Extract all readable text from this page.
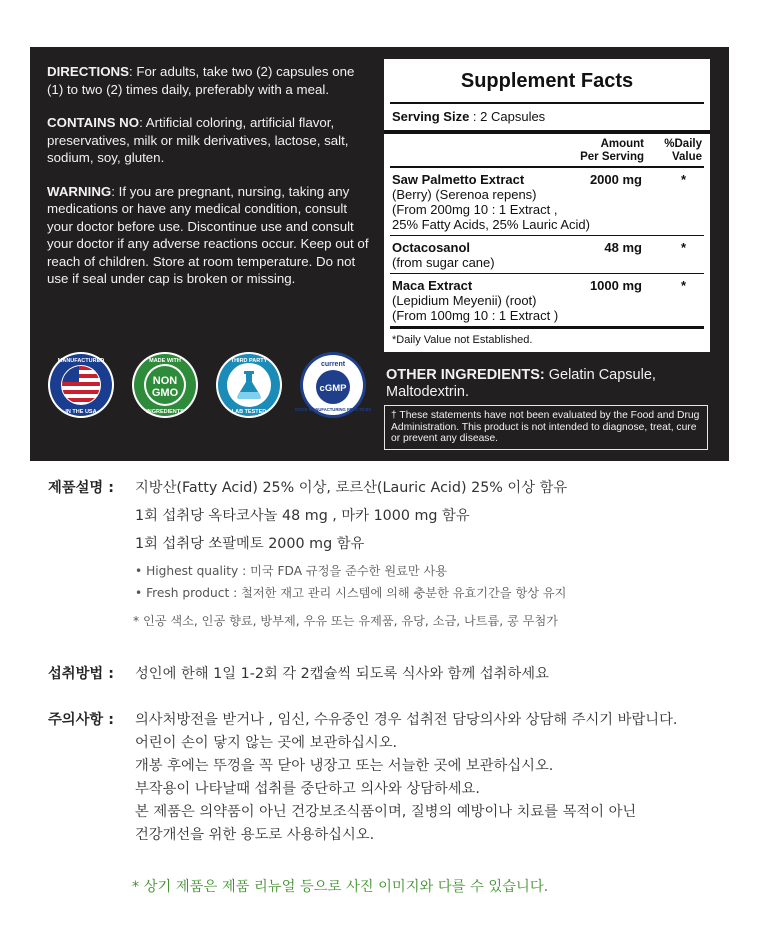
DIRECTIONS: For adults, take two (2) capsules one (1) to two (2) times daily, preferably with a meal.

CONTAINS NO: Artificial coloring, artificial flavor, preservatives, milk or milk derivatives, lactose, salt, sodium, soy, gluten.

WARNING: If you are pregnant, nursing, taking any medications or have any medical condition, consult your doctor before use. Discontinue use and consult your doctor if any adverse reactions occur. Keep out of reach of children. Store at room temperature. Do not use if seal under cap is broken or missing.

MANUFACTURED
IN THE USA
MADE WITH
NON
GMO
INGREDIENTS
THIRD PARTY
LAB TESTED
current
cGMP
GOOD MANUFACTURING PRACTICES
Supplement Facts
Serving Size : 2 Capsules
Amount
Per Serving
%Daily
Value
Saw Palmetto Extract
(Berry) (Serenoa repens)
(From 200mg 10 : 1 Extract ,
25% Fatty Acids, 25% Lauric Acid)
2000 mg	*
Octacosanol
(from sugar cane)
48 mg	*
Maca Extract
(Lepidium Meyenii) (root)
(From 100mg 10 : 1 Extract )
1000 mg	*
*Daily Value not Established.
OTHER INGREDIENTS: Gelatin Capsule, Maltodextrin.
† These statements have not been evaluated by the Food and Drug Administration. This product is not intended to diagnose, treat, cure or prevent any disease.
제품설명 : 지방산(Fatty Acid) 25% 이상, 로르산(Lauric Acid) 25% 이상 함유
1회 섭취당 옥타코사놀 48 mg , 마카 1000 mg 함유
1회 섭취당 쏘팔메토 2000 mg 함유
• Highest quality : 미국 FDA 규정을 준수한 원료만 사용
• Fresh product : 철저한 재고 관리 시스템에 의해 충분한 유효기간을 항상 유지
* 인공 색소, 인공 향료, 방부제, 우유 또는 유제품, 유당, 소금, 나트륨, 콩 무첨가
섭취방법 : 성인에 한해 1일 1-2회 각 2캡슐씩 되도록 식사와 함께 섭취하세요
주의사항 : 의사처방전을 받거나 , 임신, 수유중인 경우 섭취전 담당의사와 상담해 주시기 바랍니다.
어린이 손이 닿지 않는 곳에 보관하십시오.
개봉 후에는 뚜껑을 꼭 닫아 냉장고 또는 서늘한 곳에 보관하십시오.
부작용이 나타날때 섭취를 중단하고 의사와 상담하세요.
본 제품은 의약품이 아닌 건강보조식품이며, 질병의 예방이나 치료를 목적이 아닌
건강개선을 위한 용도로 사용하십시오.
* 상기 제품은 제품 리뉴얼 등으로 사진 이미지와 다를 수 있습니다.
